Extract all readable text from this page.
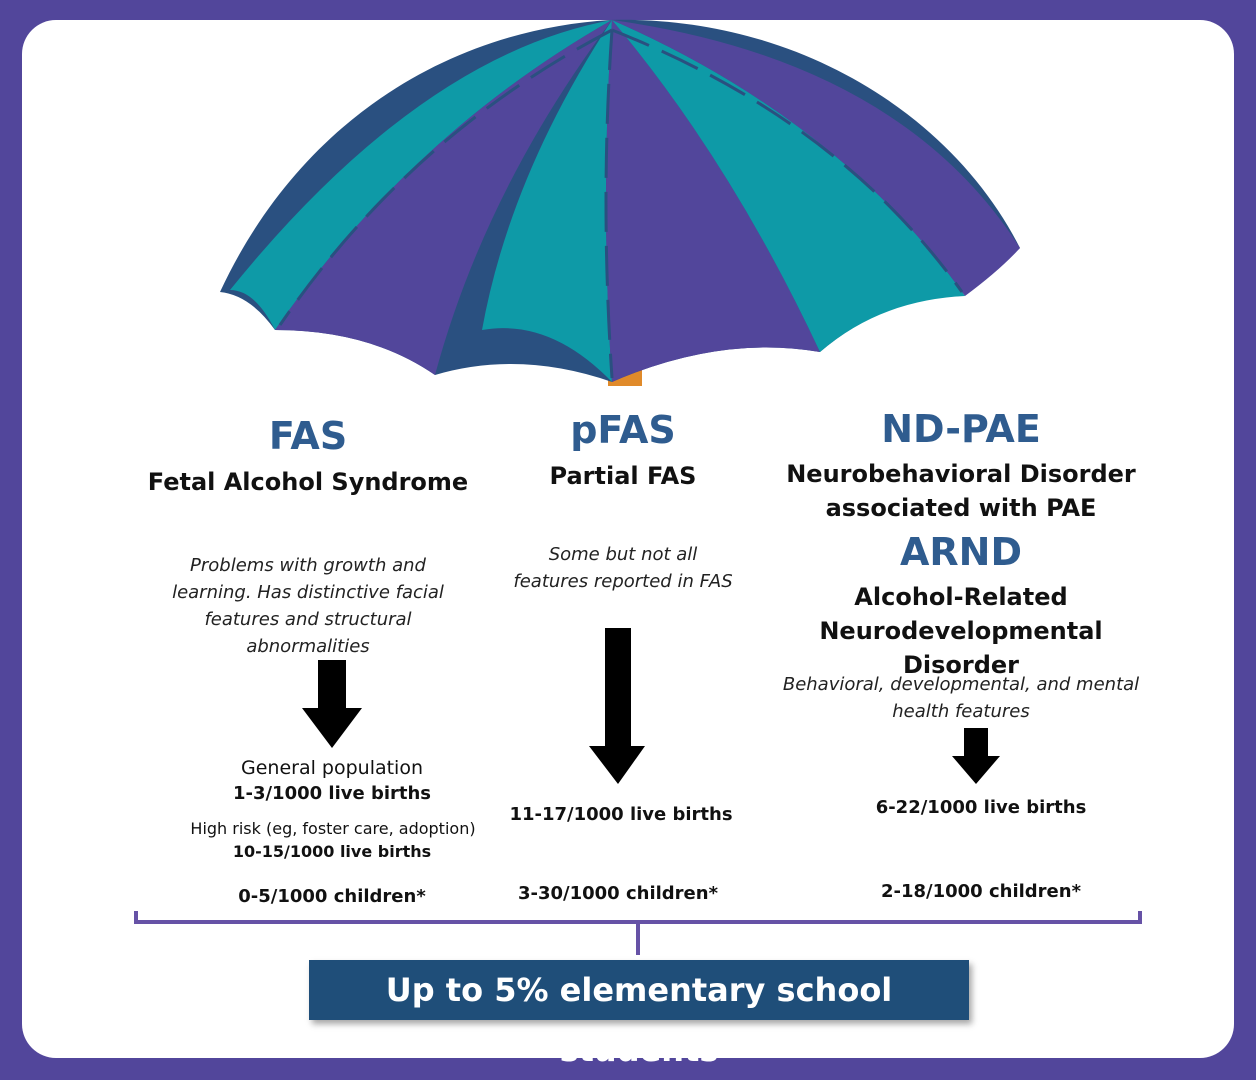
FAS
Fetal Alcohol Syndrome
Problems with growth and
learning. Has distinctive facial
features and structural
abnormalities
General population
1-3/1000 live births
High risk (eg, foster care, adoption)
10-15/1000 live births
0-5/1000 children*
pFAS
Partial FAS
Some but not all
features reported in FAS
11-17/1000 live births
3-30/1000 children*
ND-PAE
Neurobehavioral Disorder
associated with PAE
ARND
Alcohol-Related
Neurodevelopmental Disorder
Behavioral, developmental, and mental
health features
6-22/1000 live births
2-18/1000 children*
Up to 5% elementary school students
